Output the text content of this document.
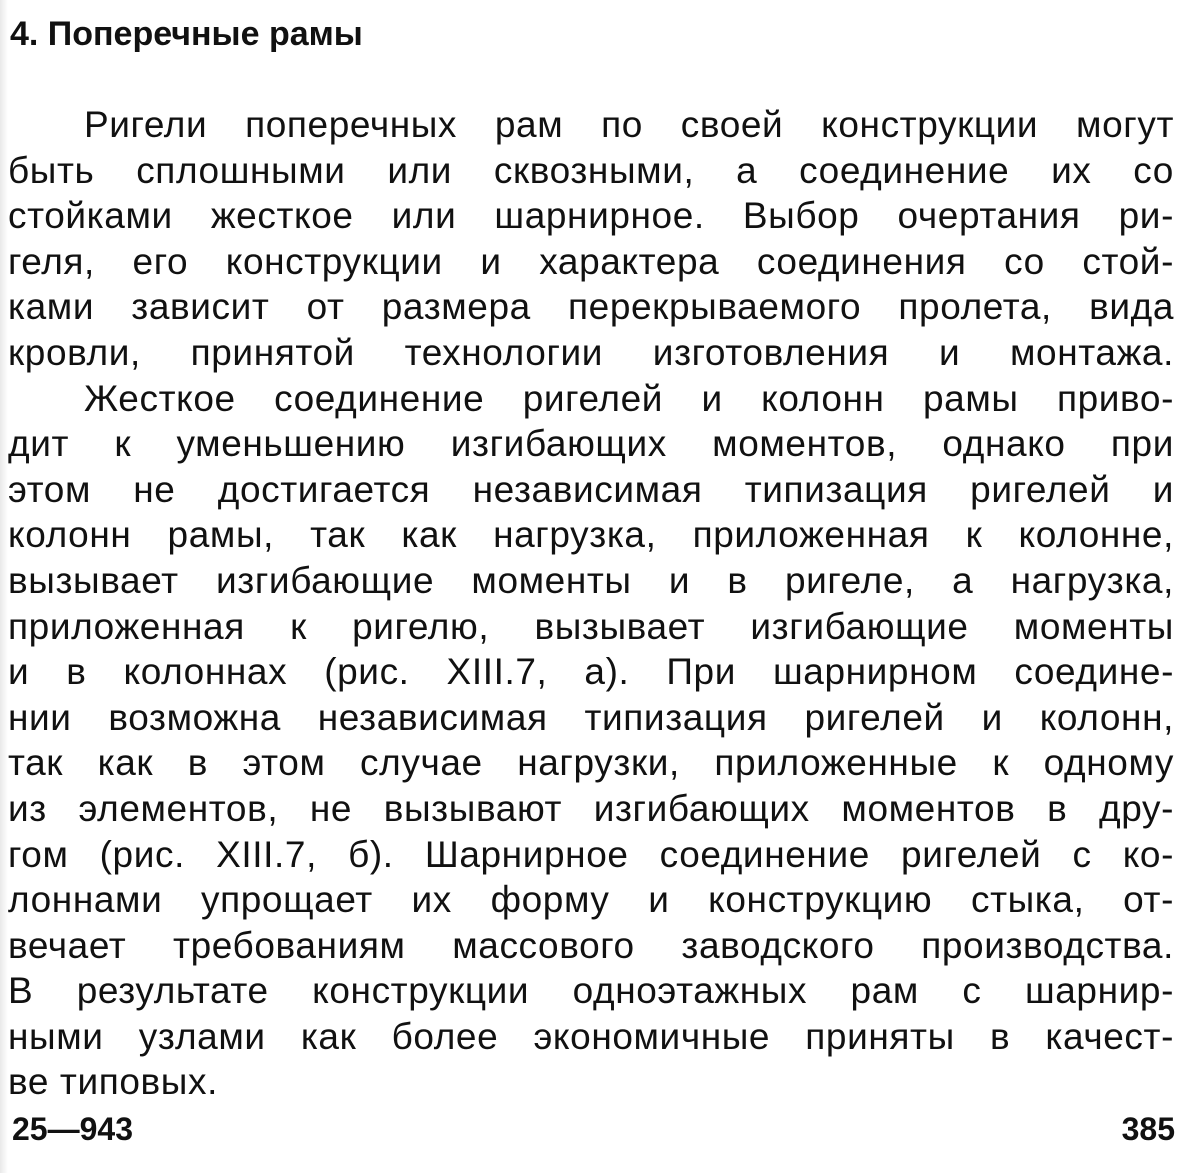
4. Поперечные рамы
Ригели поперечных рам по своей конструкции могут
быть сплошными или сквозными, а соединение их со
стойками жесткое или шарнирное. Выбор очертания ри-
геля, его конструкции и характера соединения со стой-
ками зависит от размера перекрываемого пролета, вида
кровли, принятой технологии изготовления и монтажа.
Жесткое соединение ригелей и колонн рамы приво-
дит к уменьшению изгибающих моментов, однако при
этом не достигается независимая типизация ригелей и
колонн рамы, так как нагрузка, приложенная к колонне,
вызывает изгибающие моменты и в ригеле, а нагрузка,
приложенная к ригелю, вызывает изгибающие моменты
и в колоннах (рис. XIII.7, а). При шарнирном соедине-
нии возможна независимая типизация ригелей и колонн,
так как в этом случае нагрузки, приложенные к одному
из элементов, не вызывают изгибающих моментов в дру-
гом (рис. XIII.7, б). Шарнирное соединение ригелей с ко-
лоннами упрощает их форму и конструкцию стыка, от-
вечает требованиям массового заводского производства.
В результате конструкции одноэтажных рам с шарнир-
ными узлами как более экономичные приняты в качест-
ве типовых.
25—943	385
